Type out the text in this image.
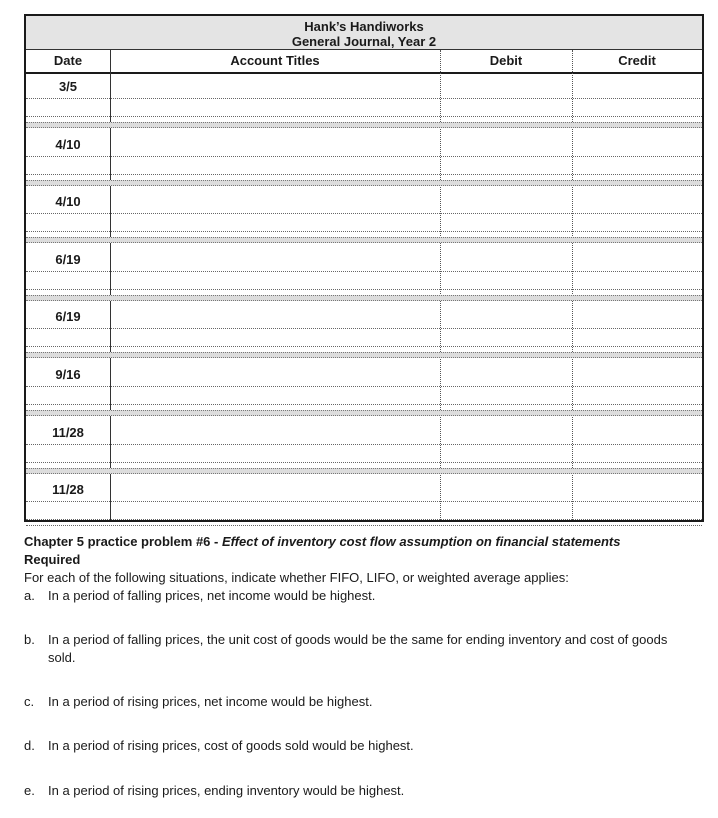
Hank’s Handiworks
General Journal, Year 2
Date	Account Titles	Debit	Credit
3/5
4/10
4/10
6/19
6/19
9/16
11/28
11/28
Chapter 5 practice problem #6 - Effect of inventory cost flow assumption on financial statements
Required
For each of the following situations, indicate whether FIFO, LIFO, or weighted average applies:
a.	In a period of falling prices, net income would be highest.
b.	In a period of falling prices, the unit cost of goods would be the same for ending inventory and cost of goods sold.
c.	In a period of rising prices, net income would be highest.
d.	In a period of rising prices, cost of goods sold would be highest.
e.	In a period of rising prices, ending inventory would be highest.
